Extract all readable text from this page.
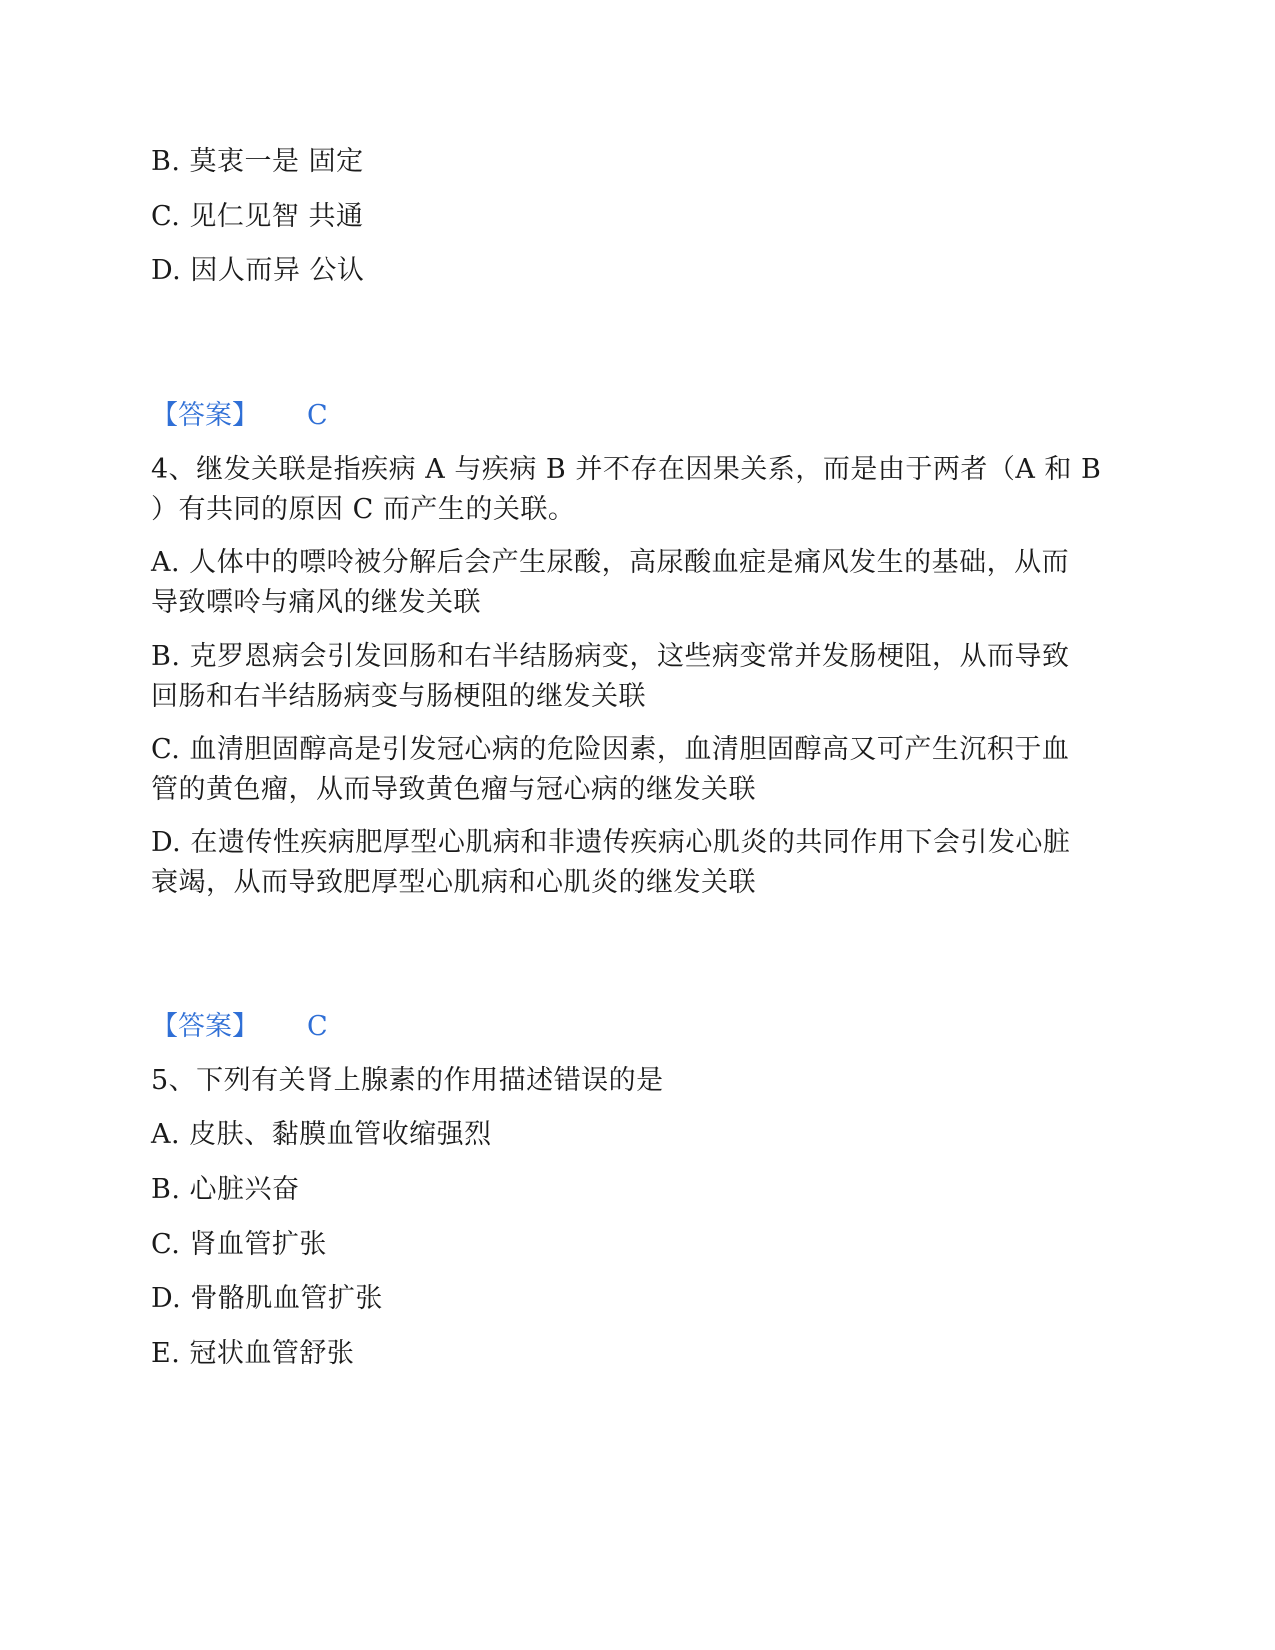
B. 莫衷一是 固定
C. 见仁见智 共通
D. 因人而异 公认
【答案】 C
4、继发关联是指疾病 A 与疾病 B 并不存在因果关系，而是由于两者（A 和 B
）有共同的原因 C 而产生的关联。
A. 人体中的嘌呤被分解后会产生尿酸，高尿酸血症是痛风发生的基础，从而
导致嘌呤与痛风的继发关联
B. 克罗恩病会引发回肠和右半结肠病变，这些病变常并发肠梗阻，从而导致
回肠和右半结肠病变与肠梗阻的继发关联
C. 血清胆固醇高是引发冠心病的危险因素，血清胆固醇高又可产生沉积于血
管的黄色瘤，从而导致黄色瘤与冠心病的继发关联
D. 在遗传性疾病肥厚型心肌病和非遗传疾病心肌炎的共同作用下会引发心脏
衰竭，从而导致肥厚型心肌病和心肌炎的继发关联
【答案】 C
5、下列有关肾上腺素的作用描述错误的是
A. 皮肤、黏膜血管收缩强烈
B. 心脏兴奋
C. 肾血管扩张
D. 骨骼肌血管扩张
E. 冠状血管舒张
